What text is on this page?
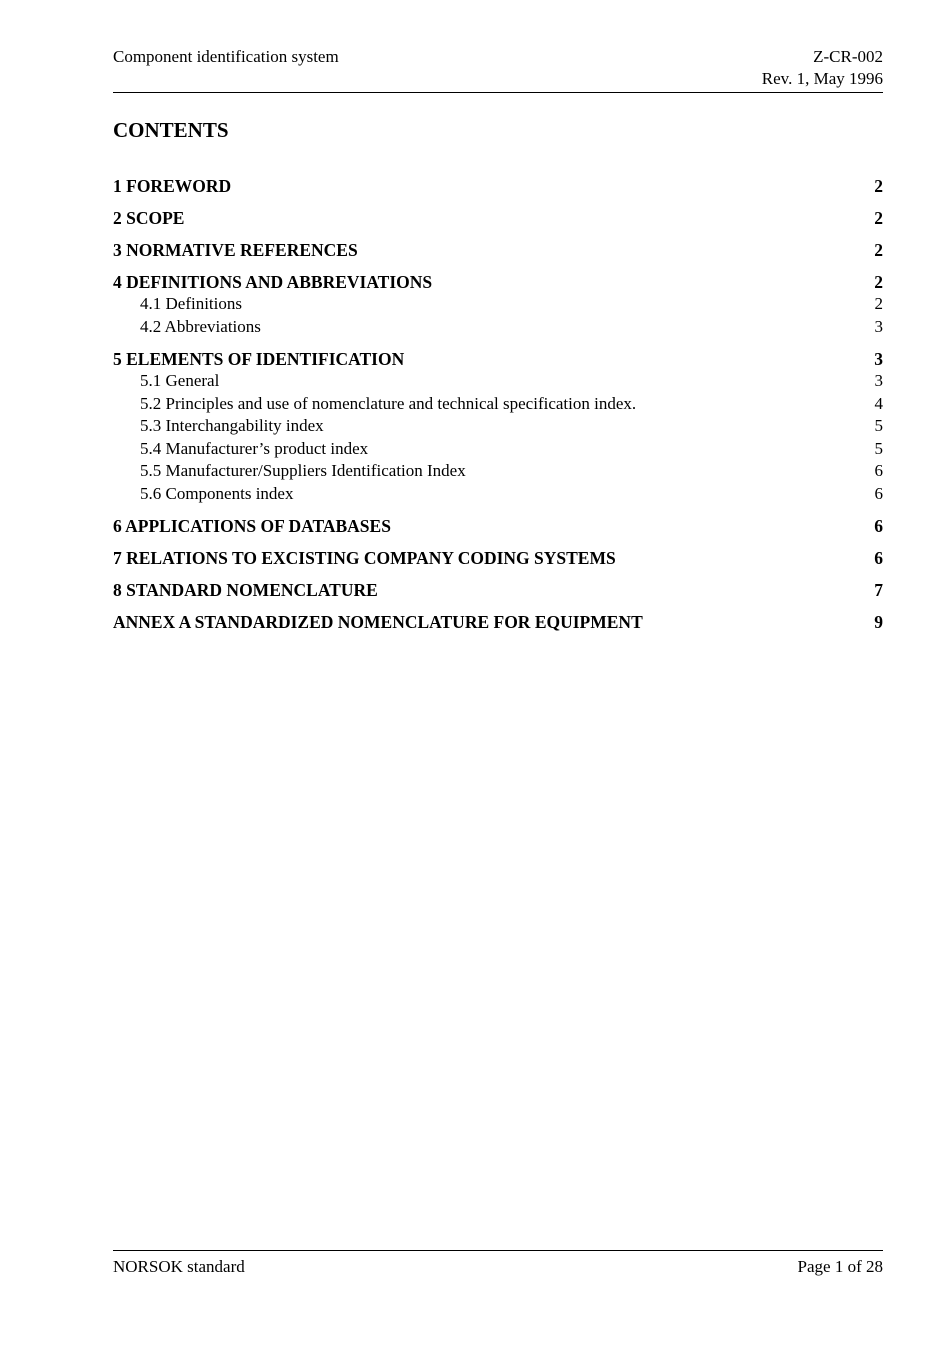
Component identification system	Z-CR-002
Rev. 1, May 1996
CONTENTS
1 FOREWORD	2
2 SCOPE	2
3 NORMATIVE REFERENCES	2
4 DEFINITIONS AND ABBREVIATIONS	2
4.1 Definitions	2
4.2 Abbreviations	3
5 ELEMENTS OF IDENTIFICATION	3
5.1 General	3
5.2 Principles and use of nomenclature and technical specification index.	4
5.3 Interchangability index	5
5.4 Manufacturer’s product index	5
5.5 Manufacturer/Suppliers Identification Index	6
5.6 Components index	6
6 APPLICATIONS OF DATABASES	6
7 RELATIONS TO EXCISTING COMPANY CODING SYSTEMS	6
8 STANDARD NOMENCLATURE	7
ANNEX A STANDARDIZED NOMENCLATURE FOR EQUIPMENT	9
NORSOK standard	Page 1 of 28
